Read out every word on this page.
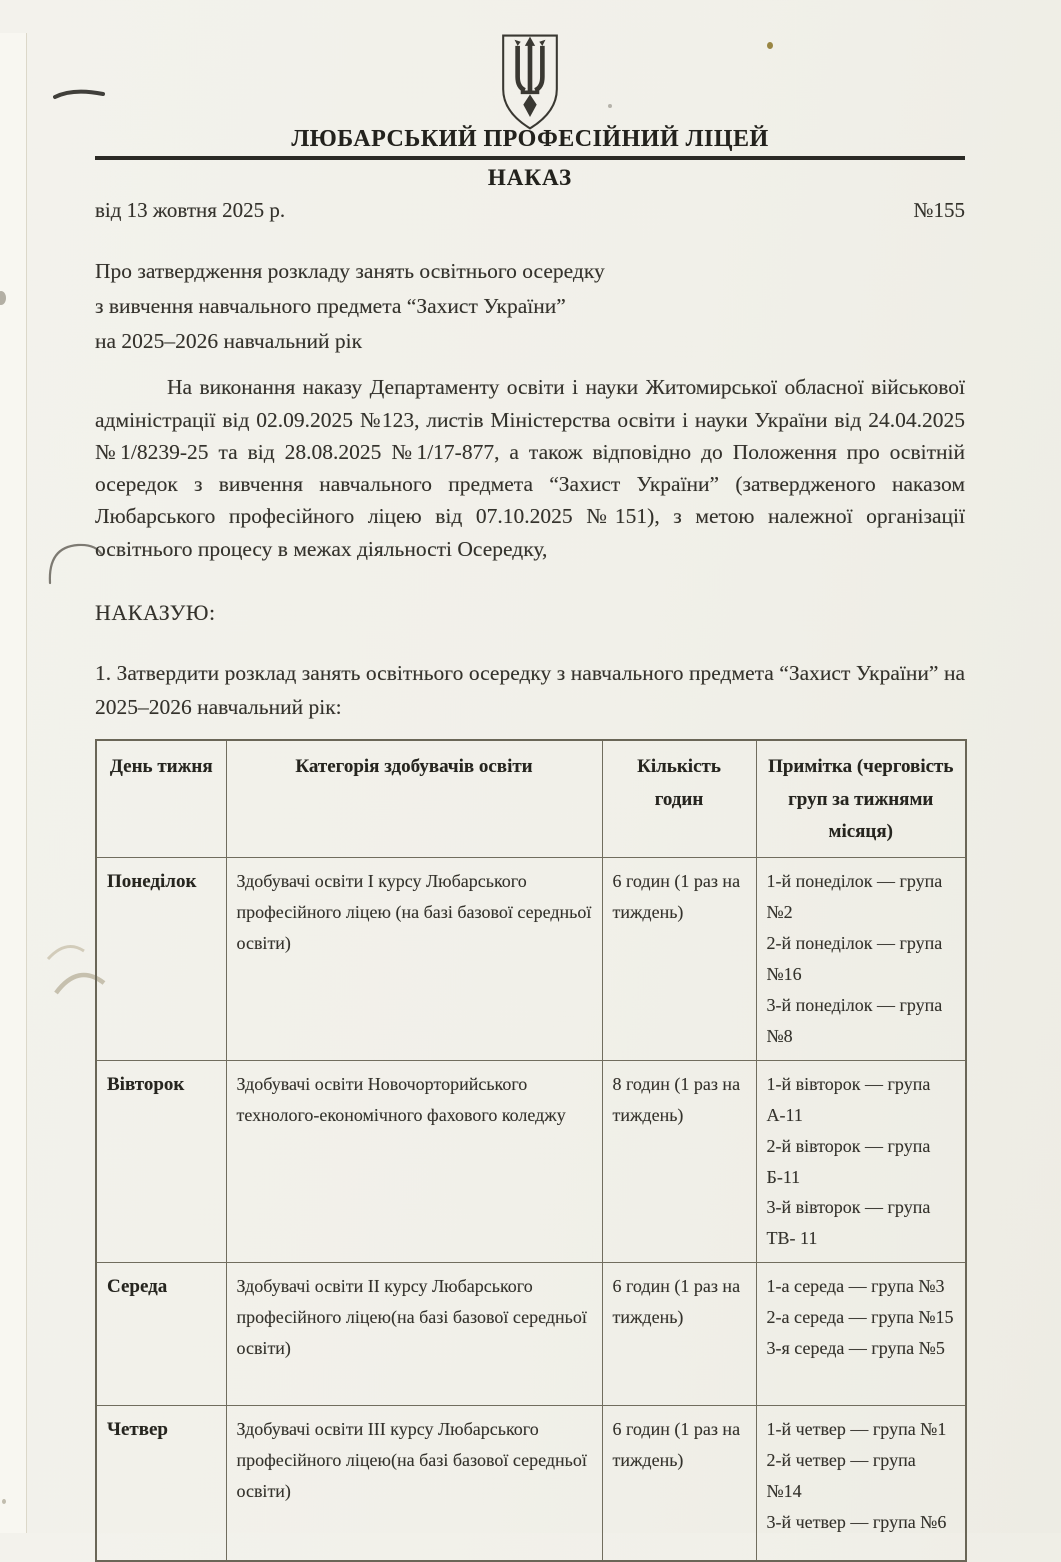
ЛЮБАРСЬКИЙ ПРОФЕСІЙНИЙ ЛІЦЕЙ
НАКАЗ
від 13 жовтня 2025 р.	№155
Про затвердження розкладу занять освітнього осередку
з вивчення навчального предмета “Захист України”
на 2025–2026 навчальний рік
На виконання наказу Департаменту освіти і науки Житомирської обласної військової адміністрації від 02.09.2025 №123, листів Міністерства освіти і науки України від 24.04.2025 №1/8239-25 та від 28.08.2025 №1/17-877, а також відповідно до Положення про освітній осередок з вивчення навчального предмета “Захист України” (затвердженого наказом Любарського професійного ліцею від 07.10.2025 №151), з метою належної організації освітнього процесу в межах діяльності Осередку,
НАКАЗУЮ:
1. Затвердити розклад занять освітнього осередку з навчального предмета “Захист України” на 2025–2026 навчальний рік:
День тижня	Категорія здобувачів освіти	Кількість годин	Примітка (черговість груп за тижнями місяця)
Понеділок	Здобувачі освіти I курсу Любарського професійного ліцею (на базі базової середньої освіти)	6 годин (1 раз на тиждень)	1-й понеділок — група №2
2-й понеділок — група №16
3-й понеділок — група №8

Вівторок	Здобувачі освіти Новочорторийського технолого-економічного фахового коледжу	8 годин (1 раз на тиждень)	1-й вівторок — група А-11
2-й вівторок — група Б-11
3-й вівторок — група ТВ- 11

Середа	Здобувачі освіти II курсу Любарського професійного ліцею(на базі базової середньої освіти)	6 годин (1 раз на тиждень)	1-а середа — група №3
2-а середа — група №15
3-я середа — група №5

Четвер	Здобувачі освіти III курсу Любарського професійного ліцею(на базі базової середньої освіти)	6 годин (1 раз на тиждень)	1-й четвер — група №1
2-й четвер — група №14
3-й четвер — група №6
